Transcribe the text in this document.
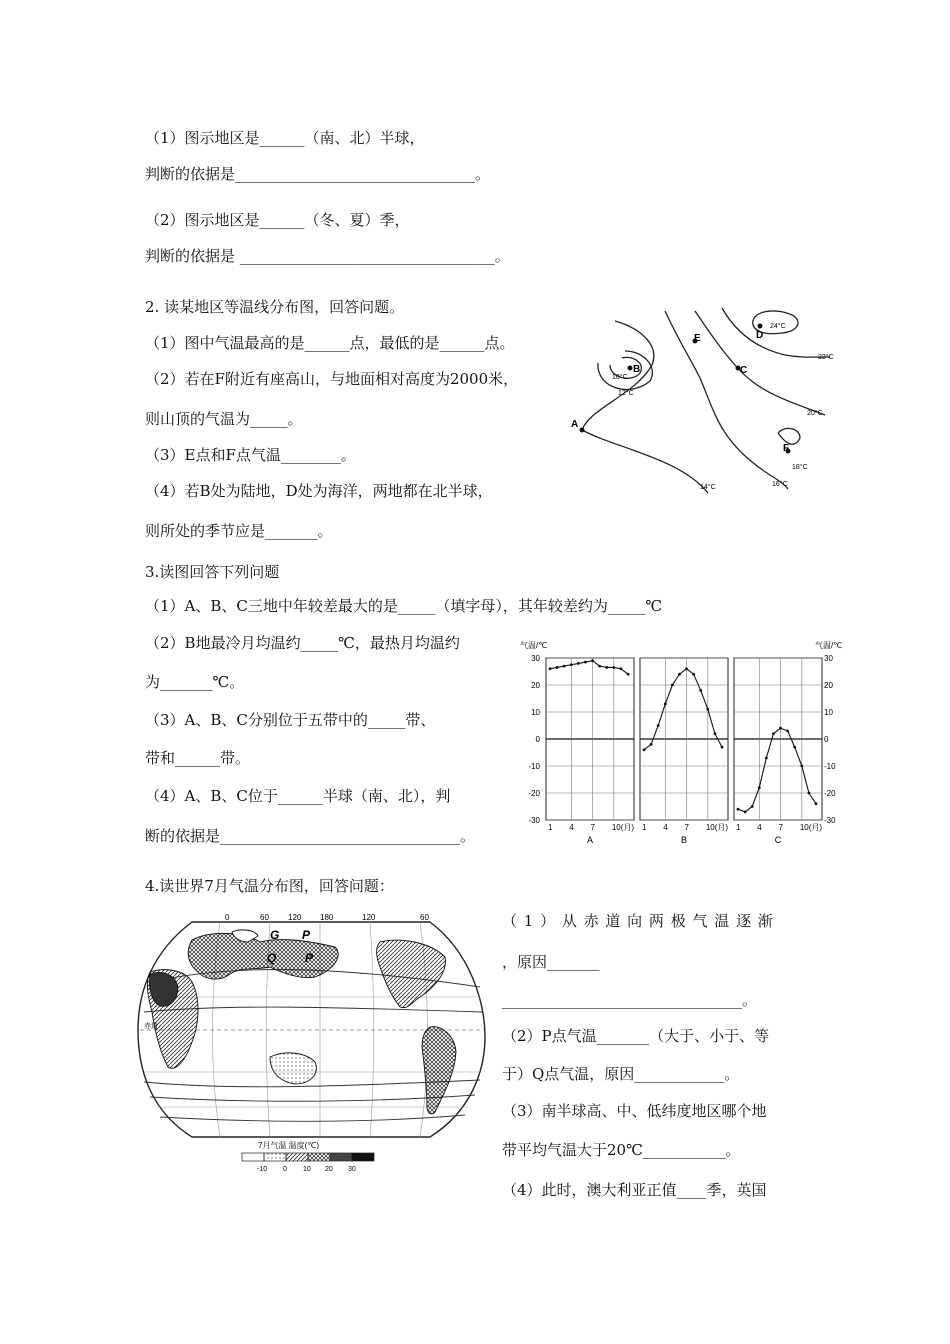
（1）图示地区是______（南、北）半球，
判断的依据是________________________________。
（2）图示地区是______（冬、夏）季，
判断的依据是 __________________________________。
2. 读某地区等温线分布图，回答问题。
（1）图中气温最高的是______点，最低的是______点。
（2）若在F附近有座高山，与地面相对高度为2000米，
则山顶的气温为_____。
（3）E点和F点气温________。
（4）若B处为陆地，D处为海洋，两地都在北半球，
则所处的季节应是_______。
A
B	C
D
E
F
10°C
12°C
14°C	16°C
18°C
20°C
22°C
24°C
3.读图回答下列问题
（1）A、B、C三地中年较差最大的是_____（填字母），其年较差约为_____℃
（2）B地最冷月均温约_____℃，最热月均温约
为_______℃。
（3）A、B、C分别位于五带中的_____带、
带和______带。
（4）A、B、C位于______半球（南、北），判
断的依据是________________________________。
气温/℃	气温/℃
30	30
20	20
10	10
0	0
-10	-10
-20	-20
-30	-30
1 4 7 10(月)
A
1 4 7 10(月)
B
1 4 7 10(月)
C
4.读世界7月气温分布图，回答问题：
（ 1 ） 从 赤 道 向 两 极 气 温 逐 渐
，原因_______
________________________________。
（2）P点气温_______（大于、小于、等
于）Q点气温，原因____________。
（3）南半球高、中、低纬度地区哪个地
带平均气温大于20℃___________。
（4）此时，澳大利亚正值____季，英国
0	60 120 180	120	60
G P
Q P
赤道
7月气温 温度(℃)
-10 0 10 20 30
